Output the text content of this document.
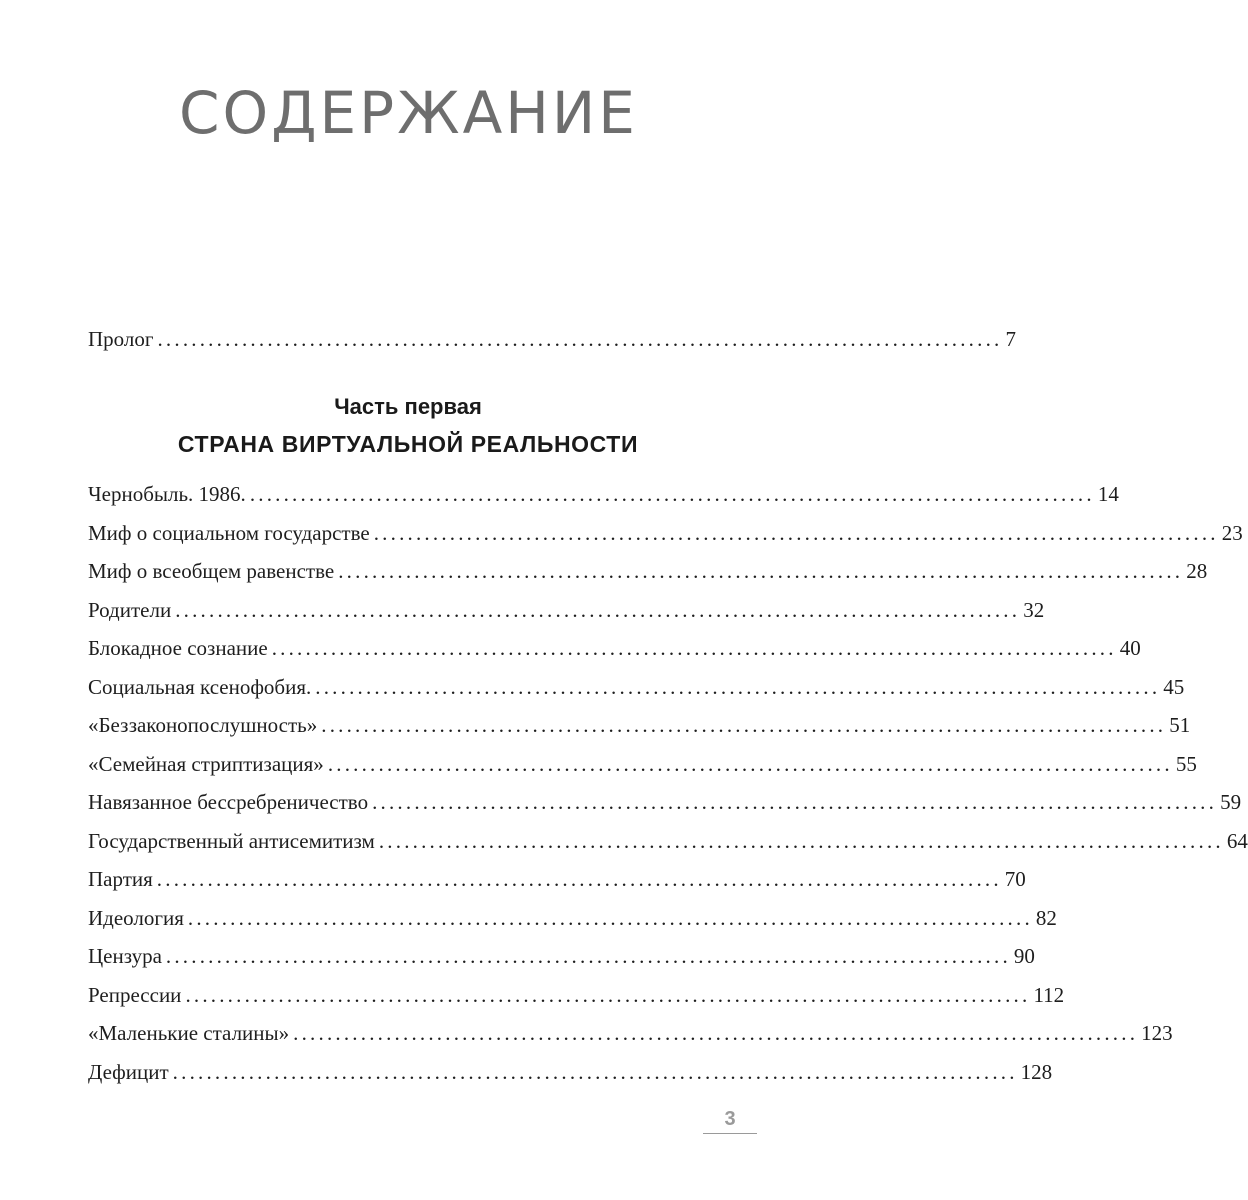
СОДЕРЖАНИЕ
Пролог .................................................................................................... 7
Часть первая
СТРАНА ВИРТУАЛЬНОЙ РЕАЛЬНОСТИ
Чернобыль. 1986. .................................................................................................... 14
Миф о социальном государстве .................................................................................................... 23
Миф о всеобщем равенстве .................................................................................................... 28
Родители .................................................................................................... 32
Блокадное сознание .................................................................................................... 40
Социальная ксенофобия. .................................................................................................... 45
«Беззаконопослушность» .................................................................................................... 51
«Семейная стриптизация» .................................................................................................... 55
Навязанное бессребреничество .................................................................................................... 59
Государственный антисемитизм .................................................................................................... 64
Партия .................................................................................................... 70
Идеология .................................................................................................... 82
Цензура .................................................................................................... 90
Репрессии .................................................................................................... 112
«Маленькие сталины» .................................................................................................... 123
Дефицит .................................................................................................... 128
3
